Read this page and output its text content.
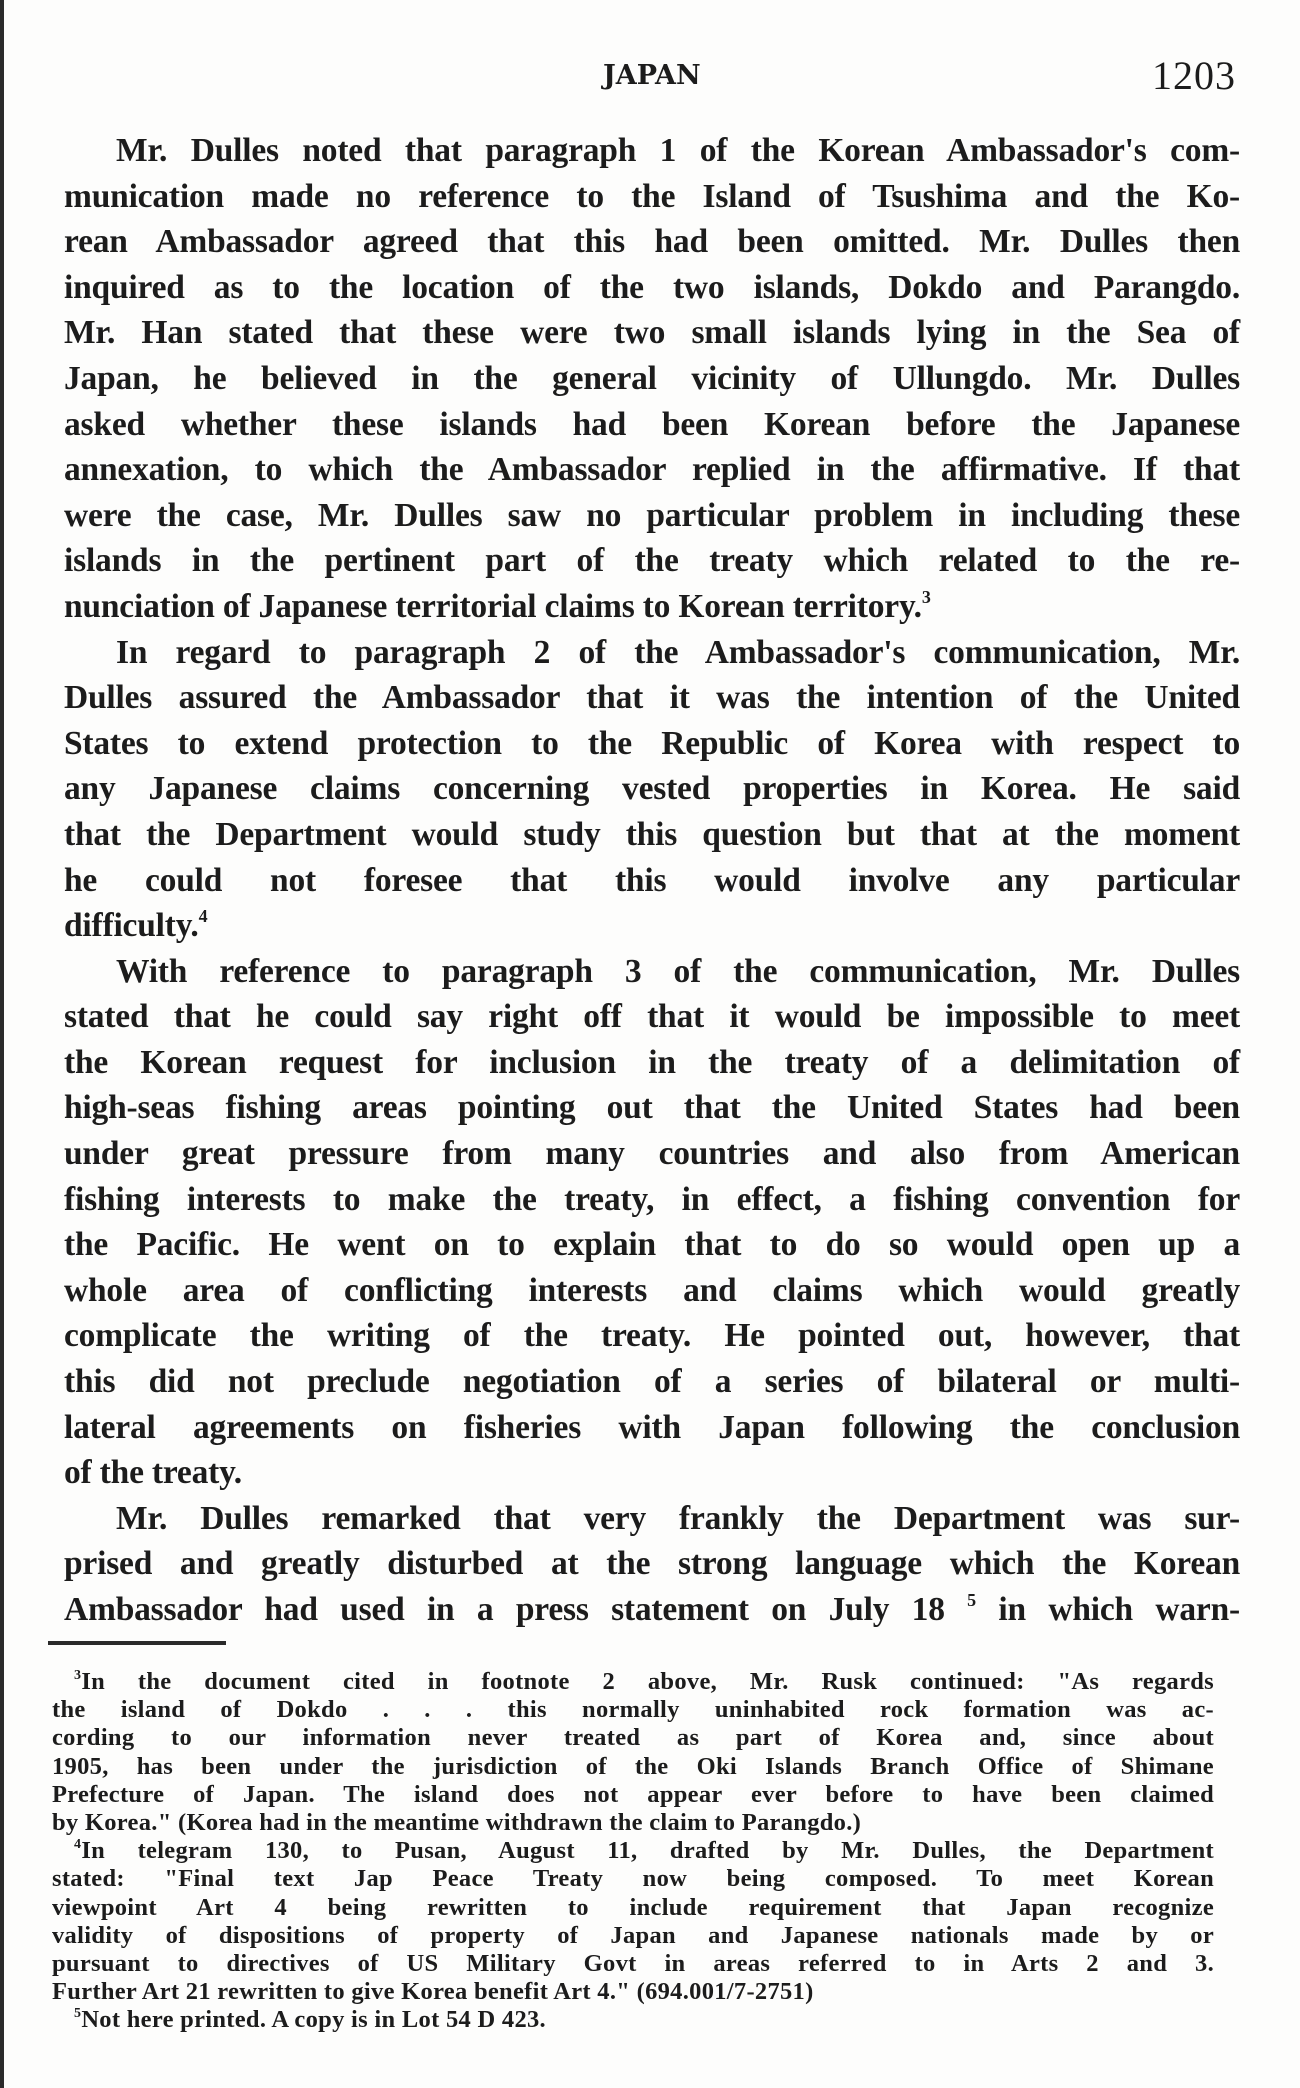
JAPAN	1203
Mr. Dulles noted that paragraph 1 of the Korean Ambassador's com-
munication made no reference to the Island of Tsushima and the Ko-
rean Ambassador agreed that this had been omitted. Mr. Dulles then
inquired as to the location of the two islands, Dokdo and Parangdo.
Mr. Han stated that these were two small islands lying in the Sea of
Japan, he believed in the general vicinity of Ullungdo. Mr. Dulles
asked whether these islands had been Korean before the Japanese
annexation, to which the Ambassador replied in the affirmative. If that
were the case, Mr. Dulles saw no particular problem in including these
islands in the pertinent part of the treaty which related to the re-
nunciation of Japanese territorial claims to Korean territory.$^3$
In regard to paragraph 2 of the Ambassador's communication, Mr.
Dulles assured the Ambassador that it was the intention of the United
States to extend protection to the Republic of Korea with respect to
any Japanese claims concerning vested properties in Korea. He said
that the Department would study this question but that at the moment
he could not foresee that this would involve any particular
difficulty.$^4$
With reference to paragraph 3 of the communication, Mr. Dulles
stated that he could say right off that it would be impossible to meet
the Korean request for inclusion in the treaty of a delimitation of
high-seas fishing areas pointing out that the United States had been
under great pressure from many countries and also from American
fishing interests to make the treaty, in effect, a fishing convention for
the Pacific. He went on to explain that to do so would open up a
whole area of conflicting interests and claims which would greatly
complicate the writing of the treaty. He pointed out, however, that
this did not preclude negotiation of a series of bilateral or multi-
lateral agreements on fisheries with Japan following the conclusion
of the treaty.
Mr. Dulles remarked that very frankly the Department was sur-
prised and greatly disturbed at the strong language which the Korean
Ambassador had used in a press statement on July 18 $^5$ in which warn-
$^3$In the document cited in footnote 2 above, Mr. Rusk continued: "As regards
the island of Dokdo . . . this normally uninhabited rock formation was ac-
cording to our information never treated as part of Korea and, since about
1905, has been under the jurisdiction of the Oki Islands Branch Office of Shimane
Prefecture of Japan. The island does not appear ever before to have been claimed
by Korea." (Korea had in the meantime withdrawn the claim to Parangdo.)
$^4$In telegram 130, to Pusan, August 11, drafted by Mr. Dulles, the Department
stated: "Final text Jap Peace Treaty now being composed. To meet Korean
viewpoint Art 4 being rewritten to include requirement that Japan recognize
validity of dispositions of property of Japan and Japanese nationals made by or
pursuant to directives of US Military Govt in areas referred to in Arts 2 and 3.
Further Art 21 rewritten to give Korea benefit Art 4." (694.001/7-2751)
$^5$Not here printed. A copy is in Lot 54 D 423.
